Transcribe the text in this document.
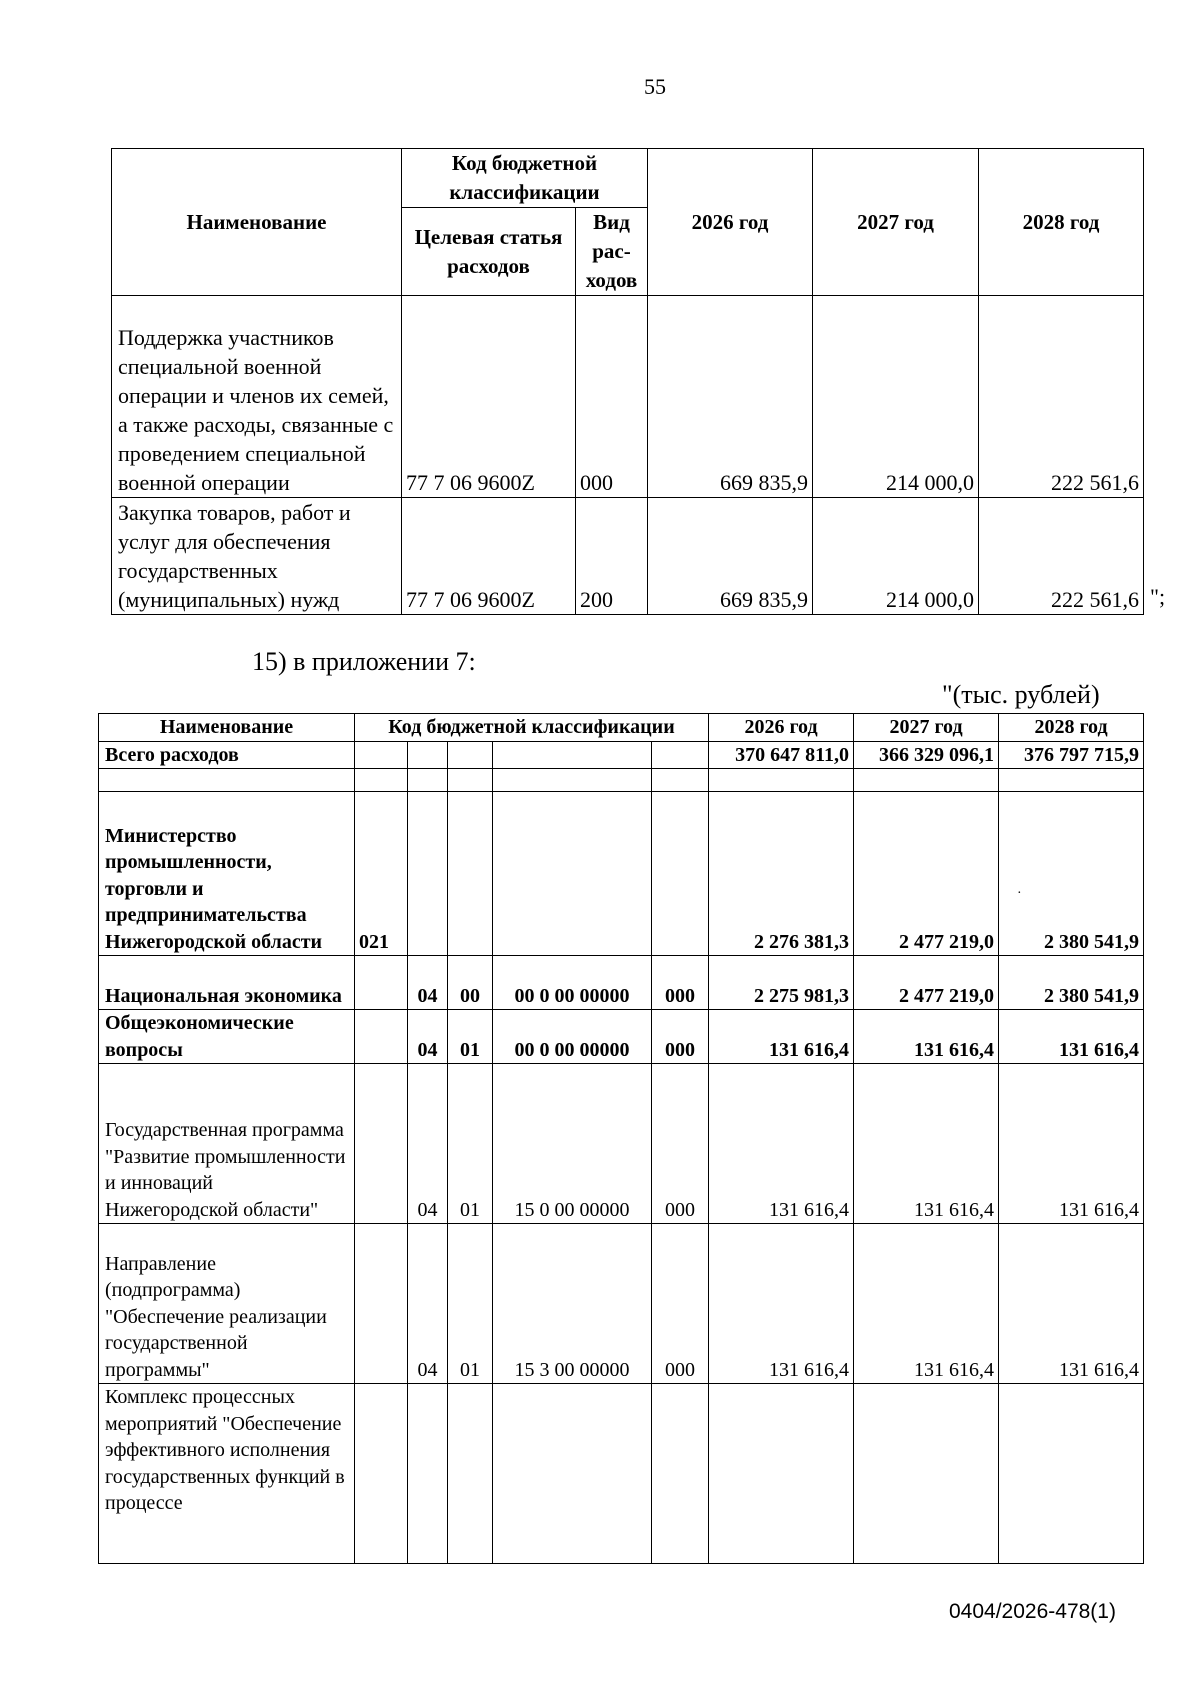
55
Наименование	Код бюджетной классификации		2026 год	2027 год	2028 год
	Целевая статья расходов	Вид рас-ходов			
Поддержка участников специальной военной операции и членов их семей, а также расходы, связанные с проведением специальной военной операции	77 7 06 9600Z	000	669 835,9	214 000,0	222 561,6
Закупка товаров, работ и услуг для обеспечения государственных (муниципальных) нужд	77 7 06 9600Z	200	669 835,9	214 000,0	222 561,6 ";
15) в приложении 7:
"(тыс. рублей)
Наименование	Код бюджетной классификации					2026 год	2027 год	2028 год
Всего расходов						370 647 811,0	366 329 096,1	376 797 715,9

Министерство промышленности, торговли и предпринимательства Нижегородской области	021					2 276 381,3	2 477 219,0	2 380 541,9
Национальная экономика		04	00	00 0 00 00000	000	2 275 981,3	2 477 219,0	2 380 541,9
Общеэкономические вопросы		04	01	00 0 00 00000	000	131 616,4	131 616,4	131 616,4
Государственная программа "Развитие промышленности и инноваций Нижегородской области"		04	01	15 0 00 00000	000	131 616,4	131 616,4	131 616,4
Направление (подпрограмма) "Обеспечение реализации государственной программы"		04	01	15 3 00 00000	000	131 616,4	131 616,4	131 616,4
Комплекс процессных мероприятий "Обеспечение эффективного исполнения государственных функций в процессе								
·
0404/2026-478(1)
